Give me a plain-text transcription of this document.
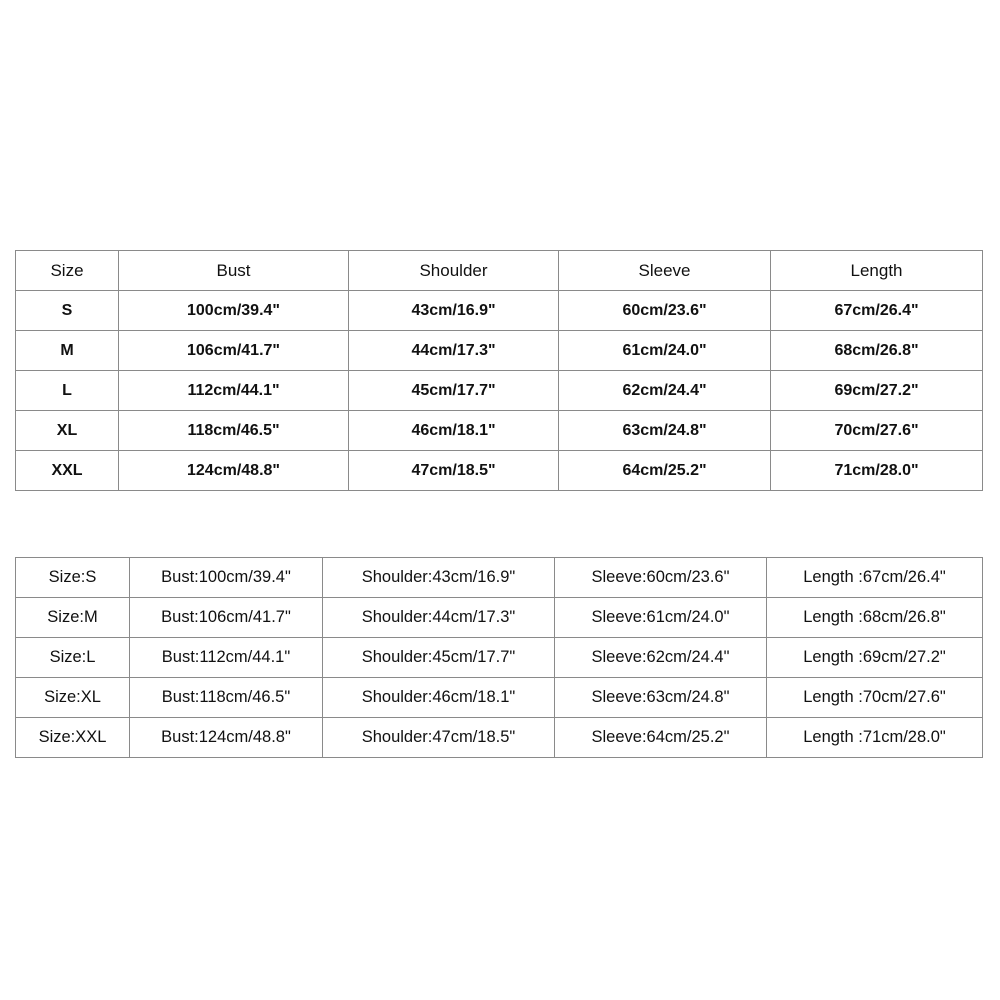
Size	Bust	Shoulder	Sleeve	Length
S	100cm/39.4"	43cm/16.9"	60cm/23.6"	67cm/26.4"
M	106cm/41.7"	44cm/17.3"	61cm/24.0"	68cm/26.8"
L	112cm/44.1"	45cm/17.7"	62cm/24.4"	69cm/27.2"
XL	118cm/46.5"	46cm/18.1"	63cm/24.8"	70cm/27.6"
XXL	124cm/48.8"	47cm/18.5"	64cm/25.2"	71cm/28.0"
Size:S	Bust:100cm/39.4"	Shoulder:43cm/16.9"	Sleeve:60cm/23.6"	Length :67cm/26.4"
Size:M	Bust:106cm/41.7"	Shoulder:44cm/17.3"	Sleeve:61cm/24.0"	Length :68cm/26.8"
Size:L	Bust:112cm/44.1"	Shoulder:45cm/17.7"	Sleeve:62cm/24.4"	Length :69cm/27.2"
Size:XL	Bust:118cm/46.5"	Shoulder:46cm/18.1"	Sleeve:63cm/24.8"	Length :70cm/27.6"
Size:XXL	Bust:124cm/48.8"	Shoulder:47cm/18.5"	Sleeve:64cm/25.2"	Length :71cm/28.0"
